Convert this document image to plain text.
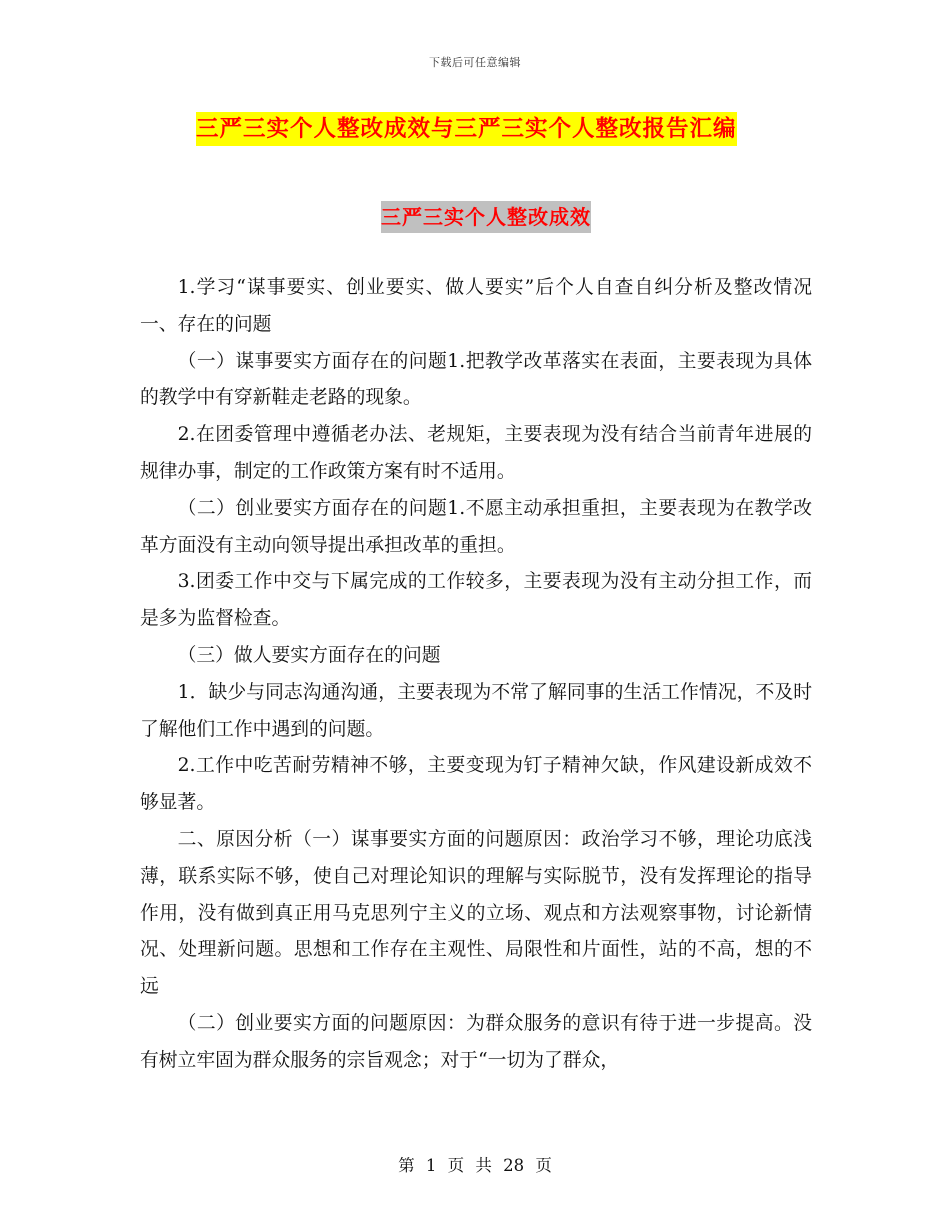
下载后可任意编辑
三严三实个人整改成效与三严三实个人整改报告汇编
三严三实个人整改成效

1.学习“谋事要实、创业要实、做人要实”后个人自查自纠分析及整改情况一、存在的问题

（一）谋事要实方面存在的问题1.把教学改革落实在表面，主要表现为具体的教学中有穿新鞋走老路的现象。

2.在团委管理中遵循老办法、老规矩，主要表现为没有结合当前青年进展的规律办事，制定的工作政策方案有时不适用。

（二）创业要实方面存在的问题1.不愿主动承担重担，主要表现为在教学改革方面没有主动向领导提出承担改革的重担。

3.团委工作中交与下属完成的工作较多，主要表现为没有主动分担工作，而是多为监督检查。

（三）做人要实方面存在的问题

1．缺少与同志沟通沟通，主要表现为不常了解同事的生活工作情况，不及时了解他们工作中遇到的问题。

2.工作中吃苦耐劳精神不够，主要变现为钉子精神欠缺，作风建设新成效不够显著。

二、原因分析（一）谋事要实方面的问题原因：政治学习不够，理论功底浅薄，联系实际不够，使自己对理论知识的理解与实际脱节，没有发挥理论的指导作用，没有做到真正用马克思列宁主义的立场、观点和方法观察事物，讨论新情况、处理新问题。思想和工作存在主观性、局限性和片面性，站的不高，想的不远

（二）创业要实方面的问题原因：为群众服务的意识有待于进一步提高。没有树立牢固为群众服务的宗旨观念；对于“一切为了群众，

第 1 页 共 28 页
